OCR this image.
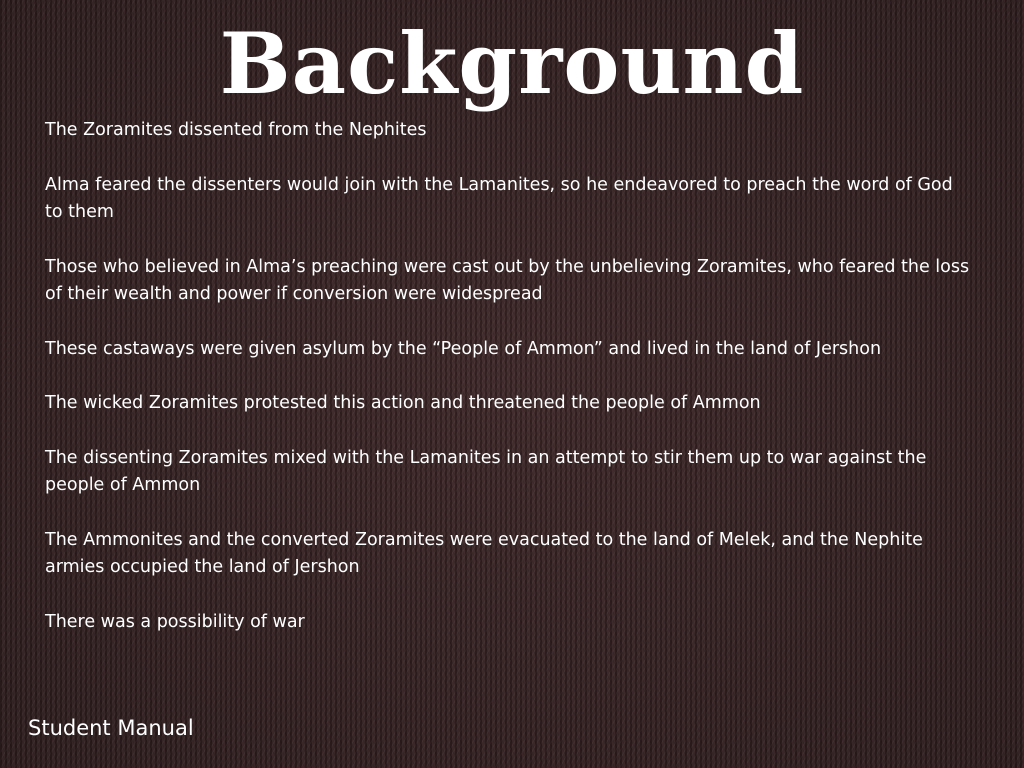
Background
The Zoramites dissented from the Nephites
Alma feared the dissenters would join with the Lamanites, so he endeavored to preach the word of God to them
Those who believed in Alma’s preaching were cast out by the unbelieving Zoramites, who feared the loss of their wealth and power if conversion were widespread
These castaways were given asylum by the “People of Ammon” and lived in the land of Jershon
The wicked Zoramites protested this action and threatened the people of Ammon
The dissenting Zoramites mixed with the Lamanites in an attempt to stir them up to war against the people of Ammon
The Ammonites and the converted Zoramites were evacuated to the land of Melek, and the Nephite armies occupied the land of Jershon
There was a possibility of war
Student Manual
